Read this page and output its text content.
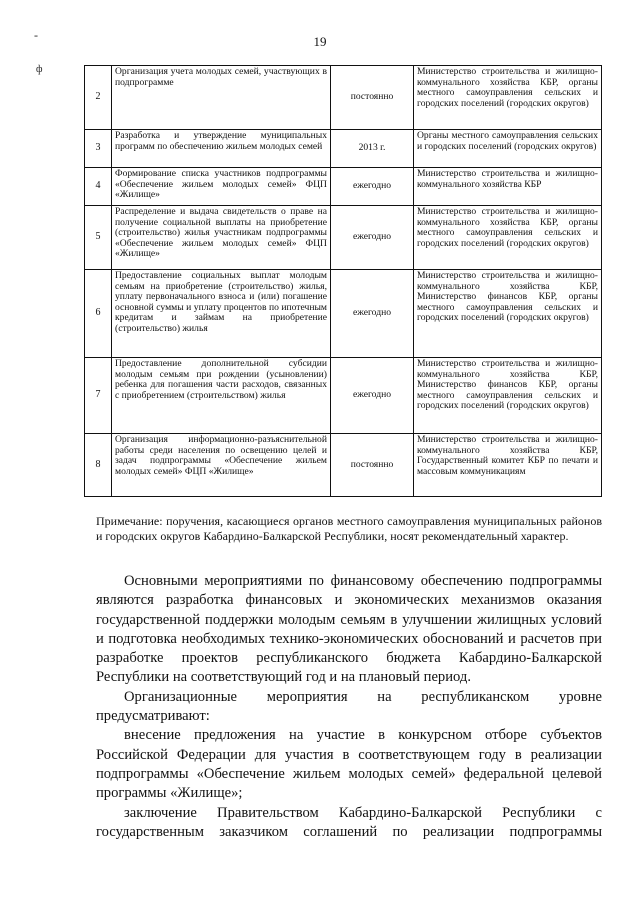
19
-
ф
2	Организация учета молодых семей, участвующих в подпрограмме	постоянно	Министерство строительства и жилищно-коммунального хозяйства КБР, органы местного самоуправления сельских и городских поселений (городских округов)
3	Разработка и утверждение муниципальных программ по обеспечению жильем молодых семей	2013 г.	Органы местного самоуправления сельских и городских поселений (городских округов)
4	Формирование списка участников подпрограммы «Обеспечение жильем молодых семей» ФЦП «Жилище»	ежегодно	Министерство строительства и жилищно-коммунального хозяйства КБР
5	Распределение и выдача свидетельств о праве на получение социальной выплаты на приобретение (строительство) жилья участникам подпрограммы «Обеспечение жильем молодых семей» ФЦП «Жилище»	ежегодно	Министерство строительства и жилищно-коммунального хозяйства КБР, органы местного самоуправления сельских и городских поселений (городских округов)
6	Предоставление социальных выплат молодым семьям на приобретение (строительство) жилья, уплату первоначального взноса и (или) погашение основной суммы и уплату процентов по ипотечным кредитам и займам на приобретение (строительство) жилья	ежегодно	Министерство строительства и жилищно-коммунального хозяйства КБР, Министерство финансов КБР, органы местного самоуправления сельских и городских поселений (городских округов)
7	Предоставление дополнительной субсидии молодым семьям при рождении (усыновлении) ребенка для погашения части расходов, связанных с приобретением (строительством) жилья	ежегодно	Министерство строительства и жилищно-коммунального хозяйства КБР, Министерство финансов КБР, органы местного самоуправления сельских и городских поселений (городских округов)
8	Организация информационно-разъяснительной работы среди населения по освещению целей и задач подпрограммы «Обеспечение жильем молодых семей» ФЦП «Жилище»	постоянно	Министерство строительства и жилищно-коммунального хозяйства КБР, Государственный комитет КБР по печати и массовым коммуникациям
Примечание: поручения, касающиеся органов местного самоуправления муниципальных районов и городских округов Кабардино-Балкарской Республики, носят рекомендательный характер.

Основными мероприятиями по финансовому обеспечению подпрограммы являются разработка финансовых и экономических механизмов оказания государственной поддержки молодым семьям в улучшении жилищных условий и подготовка необходимых технико-экономических обоснований и расчетов при разработке проектов республиканского бюджета Кабардино-Балкарской Республики на соответствующий год и на плановый период.

Организационные мероприятия на республиканском уровне предусматривают:

внесение предложения на участие в конкурсном отборе субъектов Российской Федерации для участия в соответствующем году в реализации подпрограммы «Обеспечение жильем молодых семей» федеральной целевой программы «Жилище»;

заключение Правительством Кабардино-Балкарской Республики с государственным заказчиком соглашений по реализации подпрограммы
